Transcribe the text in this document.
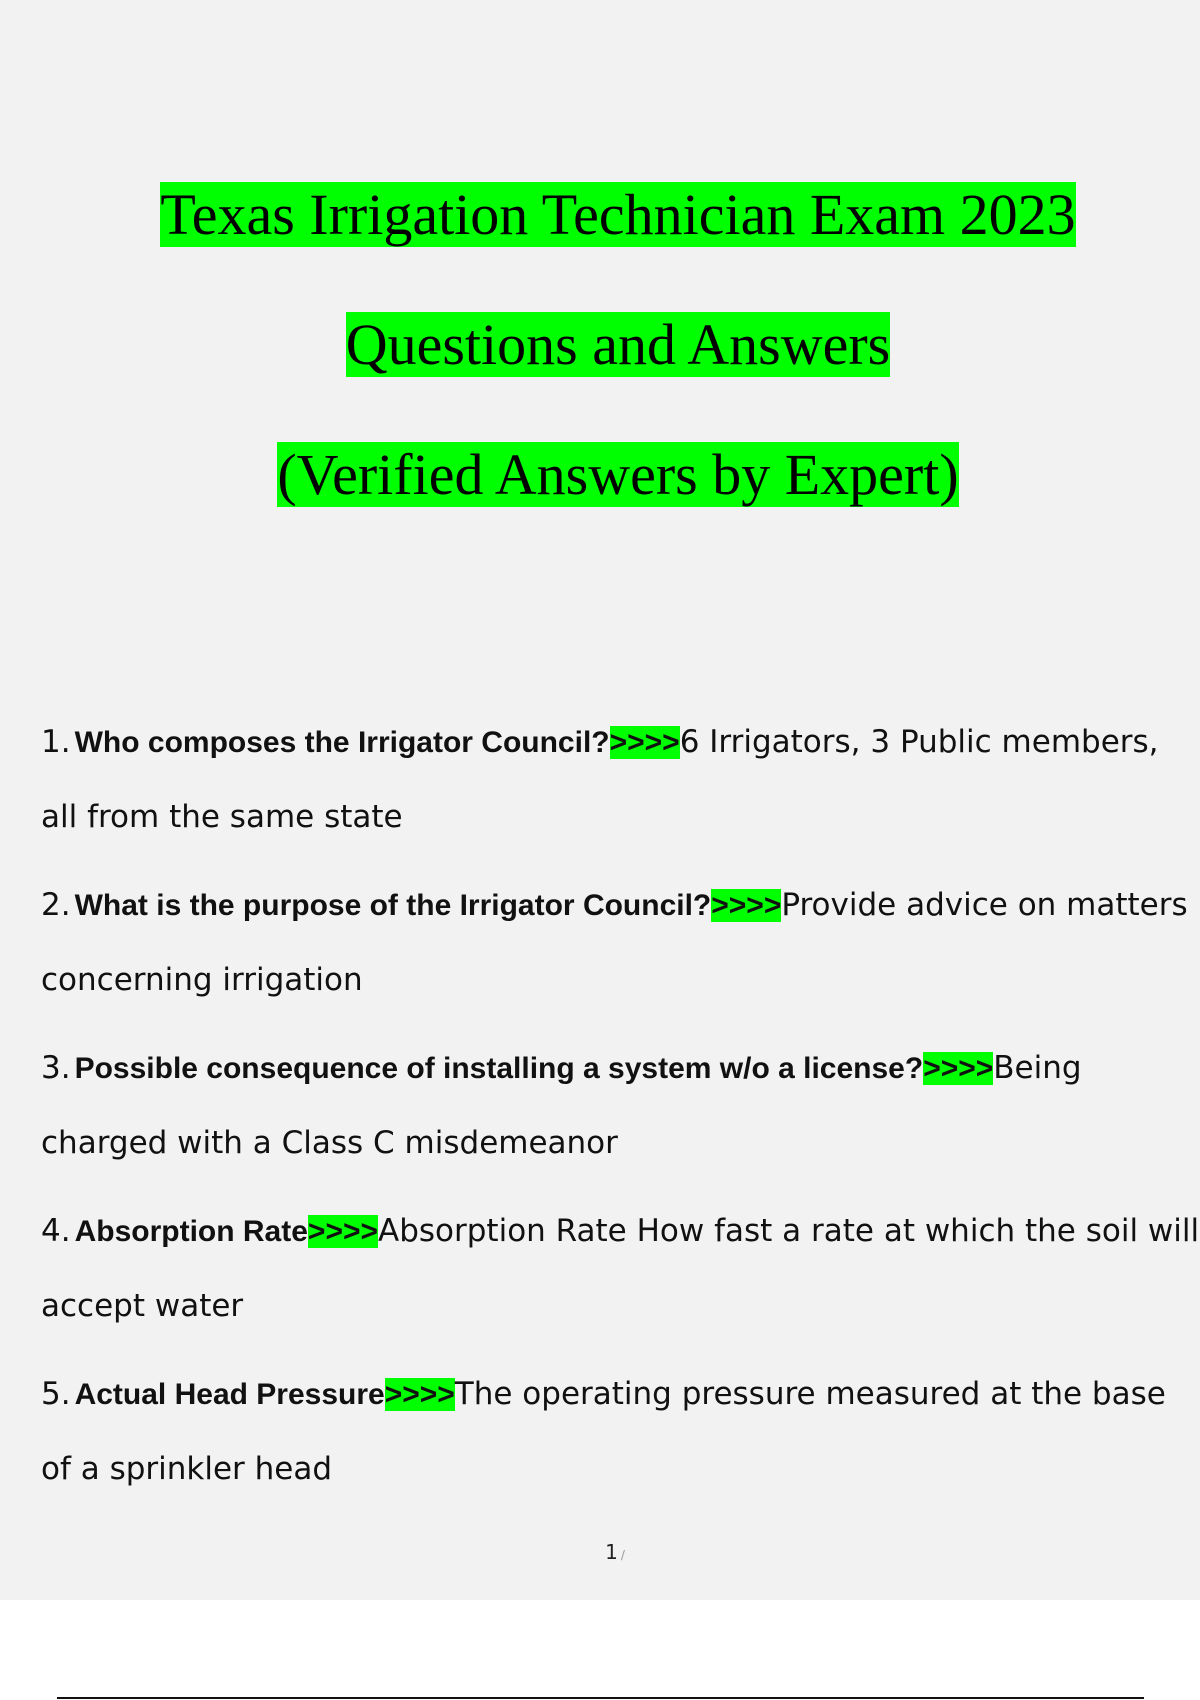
Texas Irrigation Technician Exam 2023
Questions and Answers
(Verified Answers by Expert)
1. Who composes the Irrigator Council?>>>>6 Irrigators, 3 Public members, all from the same state
2. What is the purpose of the Irrigator Council?>>>>Provide advice on matters concerning irrigation
3. Possible consequence of installing a system w/o a license?>>>>Being charged with a Class C misdemeanor
4. Absorption Rate>>>>Absorption Rate How fast a rate at which the soil will accept water
5. Actual Head Pressure>>>>The operating pressure measured at the base of a sprinkler head
1 /
